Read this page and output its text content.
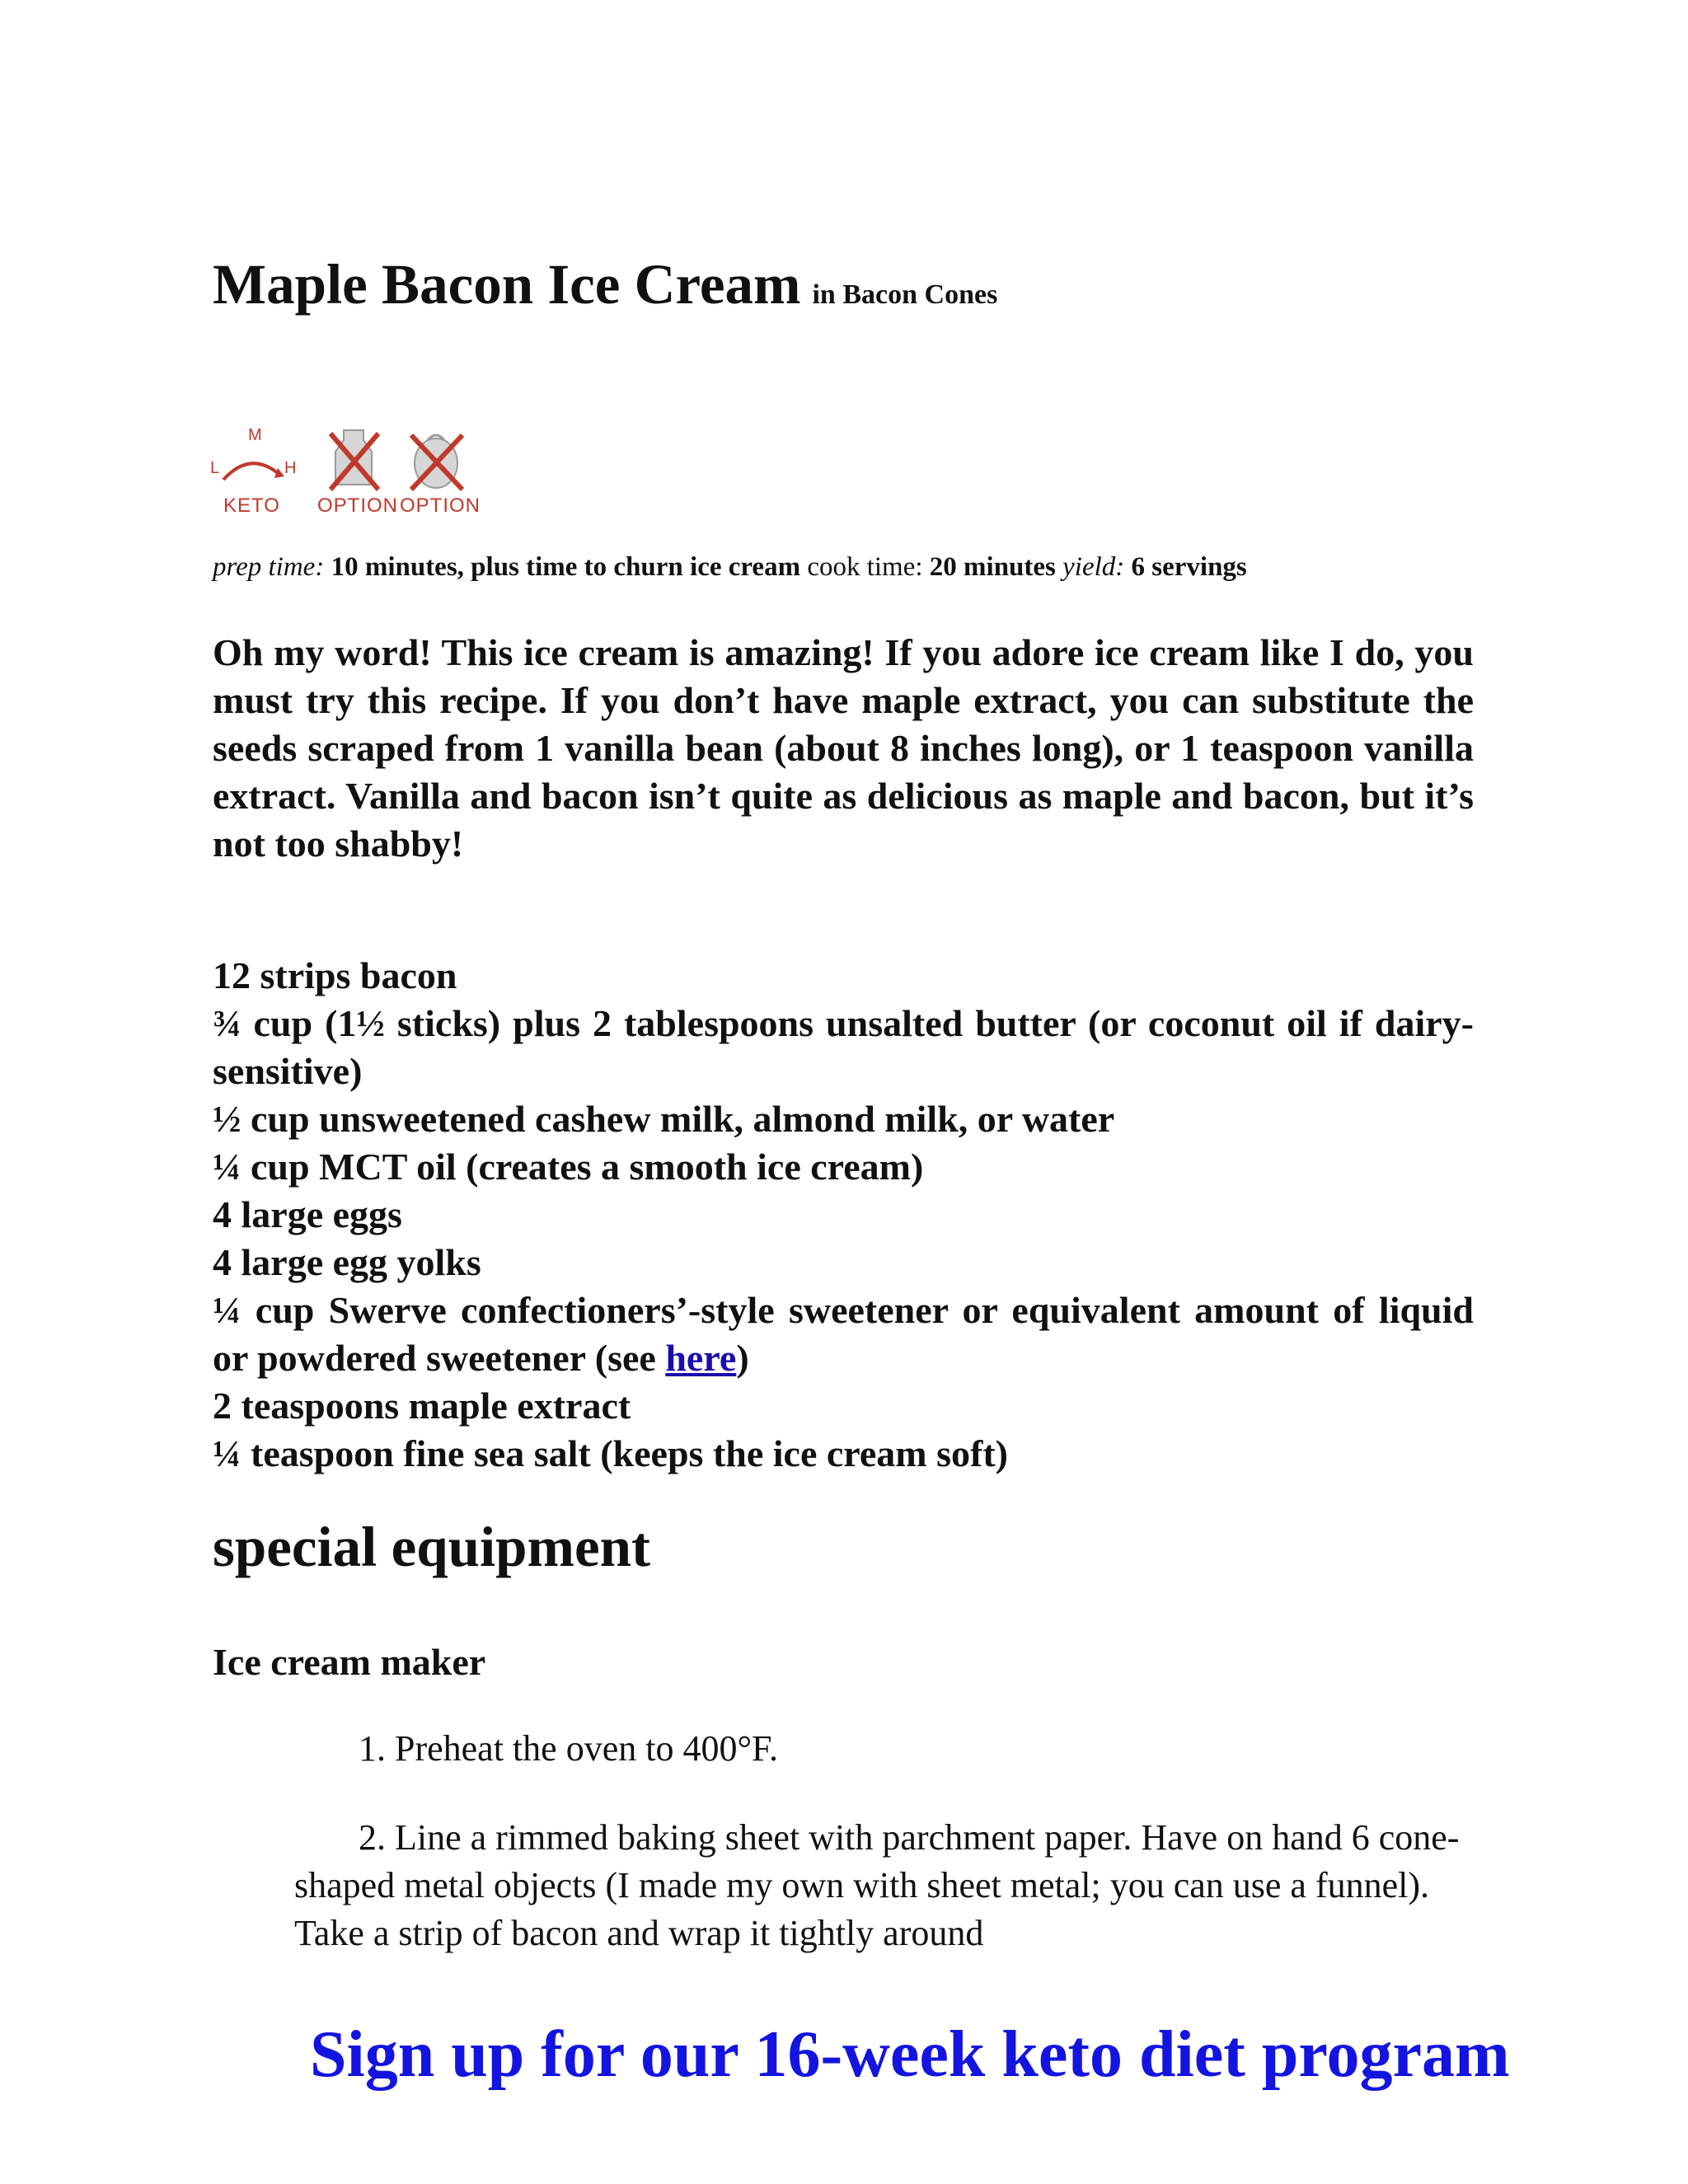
Maple Bacon Ice Cream in Bacon Cones
M
L	H
KETO OPTION OPTION

prep time: 10 minutes, plus time to churn ice cream cook time: 20 minutes yield: 6 servings

Oh my word! This ice cream is amazing! If you adore ice cream like I do, you must try this recipe. If you don’t have maple extract, you can substitute the seeds scraped from 1 vanilla bean (about 8 inches long), or 1 teaspoon vanilla extract. Vanilla and bacon isn’t quite as delicious as maple and bacon, but it’s not too shabby!

12 strips bacon
¾ cup (1½ sticks) plus 2 tablespoons unsalted butter (or coconut oil if dairy-sensitive)
½ cup unsweetened cashew milk, almond milk, or water
¼ cup MCT oil (creates a smooth ice cream)
4 large eggs
4 large egg yolks
¼ cup Swerve confectioners’-style sweetener or equivalent amount of liquid or powdered sweetener (see here)
2 teaspoons maple extract
¼ teaspoon fine sea salt (keeps the ice cream soft)
special equipment

Ice cream maker

1. Preheat the oven to 400°F.
2. Line a rimmed baking sheet with parchment paper. Have on hand 6 cone-shaped metal objects (I made my own with sheet metal; you can use a funnel). Take a strip of bacon and wrap it tightly around
Sign up for our 16-week keto diet program
